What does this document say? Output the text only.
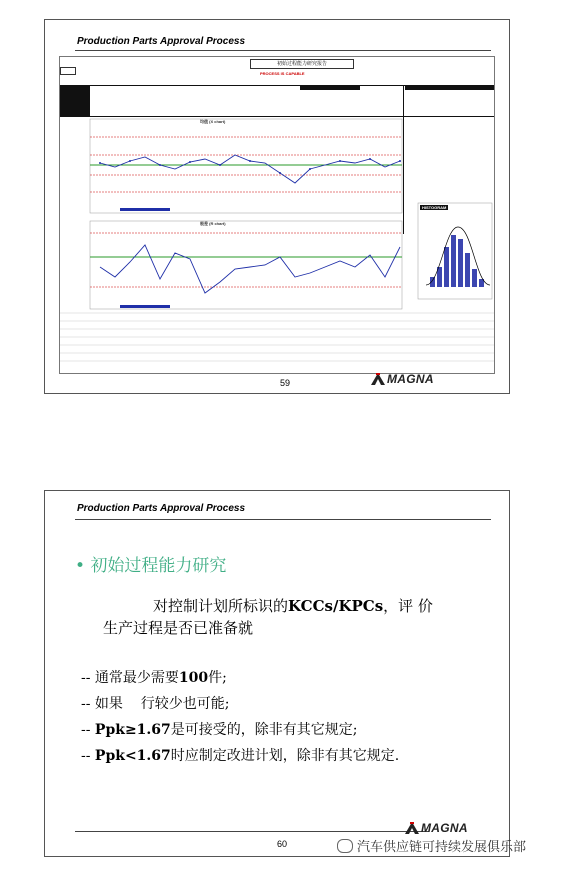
Production Parts Approval Process
初始过程能力研究报告
PROCESS IS CAPABLE
均值 (X chart)
极差 (R chart)
HISTOGRAM
59	MAGNA
Production Parts Approval Process
• 初始过程能力研究
对控制计划所标识的KCCs/KPCs，评 价
生产过程是否已准备就
-- 通常最少需要100件;
-- 如果    行较少也可能;
-- Ppk≥1.67是可接受的，除非有其它规定;
-- Ppk<1.67时应制定改进计划，除非有其它规定.
60
MAGNA
汽车供应链可持续发展俱乐部
